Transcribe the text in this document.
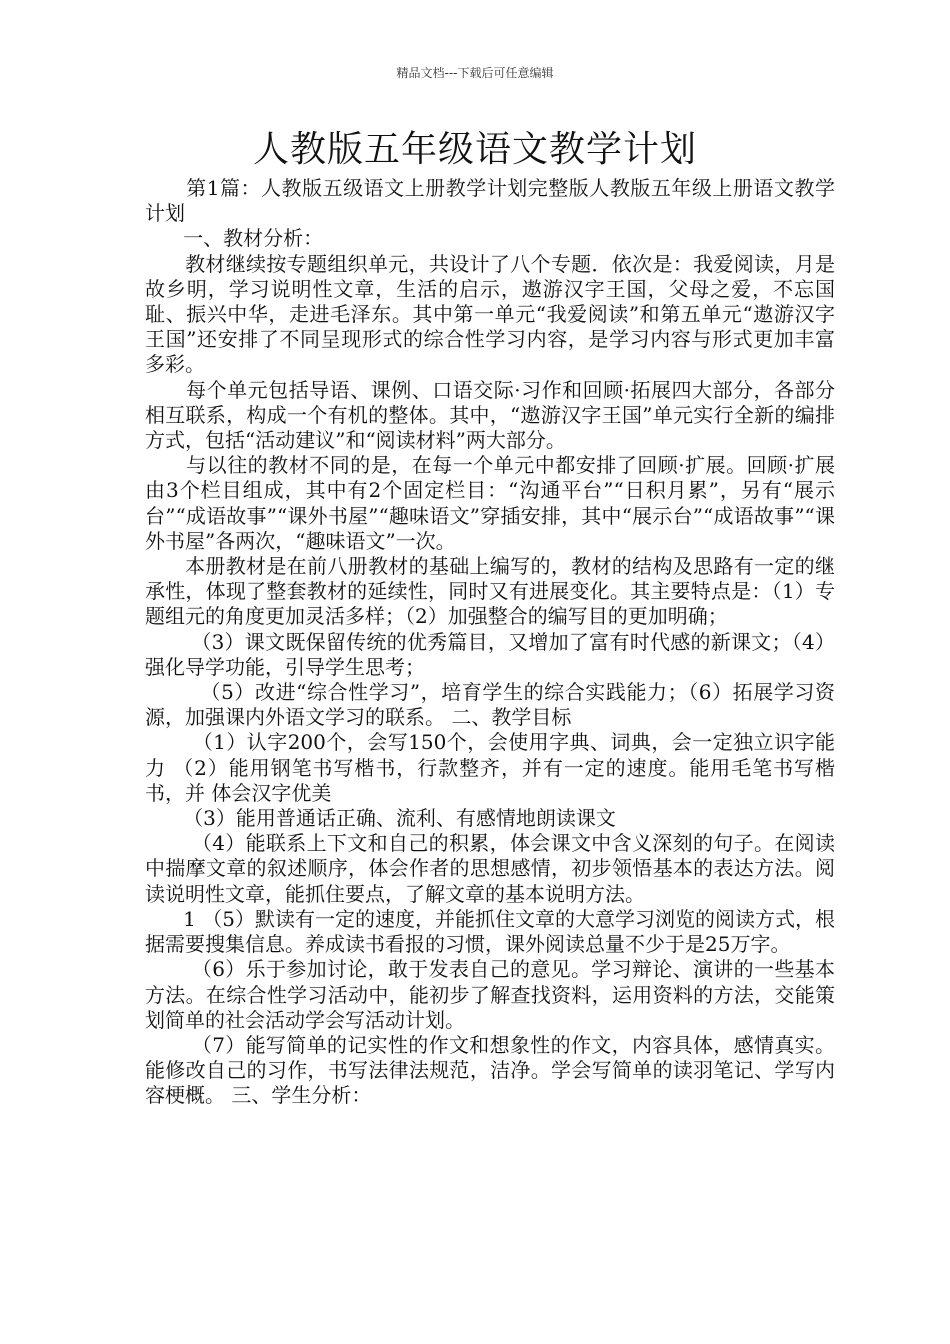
精品文档---下载后可任意编辑
人教版五年级语文教学计划

第1篇：人教版五级语文上册教学计划完整版人教版五年级上册语文教学计划

一、教材分析：

教材继续按专题组织单元，共设计了八个专题．依次是：我爱阅读，月是故乡明，学习说明性文章，生活的启示，遨游汉字王国，父母之爱，不忘国耻、振兴中华，走进毛泽东。其中第一单元“我爱阅读”和第五单元“遨游汉字王国”还安排了不同呈现形式的综合性学习内容，是学习内容与形式更加丰富多彩。

每个单元包括导语、课例、口语交际·习作和回顾·拓展四大部分，各部分相互联系，构成一个有机的整体。其中，“遨游汉字王国”单元实行全新的编排方式，包括“活动建议”和“阅读材料”两大部分。

与以往的教材不同的是，在每一个单元中都安排了回顾·扩展。回顾·扩展由3个栏目组成，其中有2个固定栏目：“沟通平台”“日积月累”，另有“展示台”“成语故事”“课外书屋”“趣味语文”穿插安排，其中“展示台”“成语故事”“课外书屋”各两次，“趣味语文”一次。

本册教材是在前八册教材的基础上编写的，教材的结构及思路有一定的继承性，体现了整套教材的延续性，同时又有进展变化。其主要特点是：（1）专题组元的角度更加灵活多样；（2）加强整合的编写目的更加明确；

（3）课文既保留传统的优秀篇目，又增加了富有时代感的新课文；（4）强化导学功能，引导学生思考；

（5）改进“综合性学习”，培育学生的综合实践能力；（6）拓展学习资源，加强课内外语文学习的联系。 二、教学目标

（1）认字200个，会写150个，会使用字典、词典，会一定独立识字能力 （2）能用钢笔书写楷书，行款整齐，并有一定的速度。能用毛笔书写楷书，并 体会汉字优美

（3）能用普通话正确、流利、有感情地朗读课文

（4）能联系上下文和自己的积累，体会课文中含义深刻的句子。在阅读中揣摩文章的叙述顺序，体会作者的思想感情，初步领悟基本的表达方法。阅读说明性文章，能抓住要点，了解文章的基本说明方法。

1 （5）默读有一定的速度，并能抓住文章的大意学习浏览的阅读方式，根据需要搜集信息。养成读书看报的习惯，课外阅读总量不少于是25万字。

（6）乐于参加讨论，敢于发表自己的意见。学习辩论、演讲的一些基本方法。在综合性学习活动中，能初步了解查找资料，运用资料的方法，交能策划简单的社会活动学会写活动计划。

（7）能写简单的记实性的作文和想象性的作文，内容具体，感情真实。能修改自己的习作，书写法律法规范，洁净。学会写简单的读羽笔记、学写内容梗概。 三、学生分析：
